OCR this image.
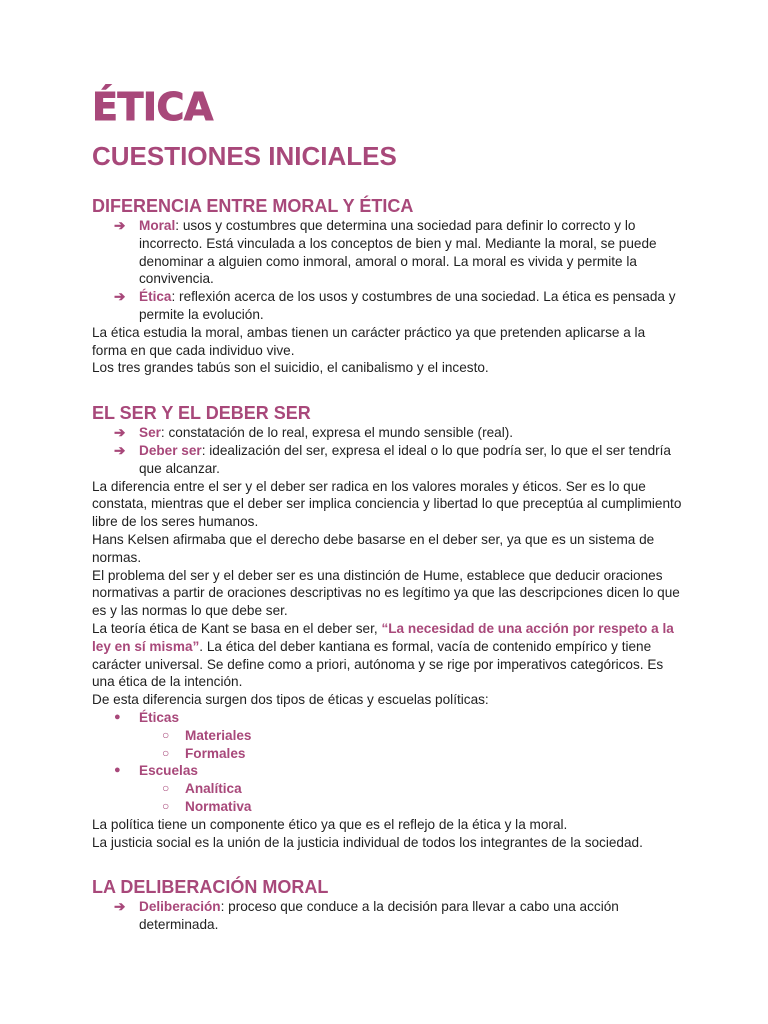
ÉTICA
CUESTIONES INICIALES
DIFERENCIA ENTRE MORAL Y ÉTICA
➔ Moral: usos y costumbres que determina una sociedad para definir lo correcto y lo incorrecto. Está vinculada a los conceptos de bien y mal. Mediante la moral, se puede denominar a alguien como inmoral, amoral o moral. La moral es vivida y permite la convivencia.
➔ Ética: reflexión acerca de los usos y costumbres de una sociedad. La ética es pensada y permite la evolución.

La ética estudia la moral, ambas tienen un carácter práctico ya que pretenden aplicarse a la forma en que cada individuo vive.

Los tres grandes tabús son el suicidio, el canibalismo y el incesto.

EL SER Y EL DEBER SER
➔ Ser: constatación de lo real, expresa el mundo sensible (real).
➔ Deber ser: idealización del ser, expresa el ideal o lo que podría ser, lo que el ser tendría que alcanzar.

La diferencia entre el ser y el deber ser radica en los valores morales y éticos. Ser es lo que constata, mientras que el deber ser implica conciencia y libertad lo que preceptúa al cumplimiento libre de los seres humanos.

Hans Kelsen afirmaba que el derecho debe basarse en el deber ser, ya que es un sistema de normas.

El problema del ser y el deber ser es una distinción de Hume, establece que deducir oraciones normativas a partir de oraciones descriptivas no es legítimo ya que las descripciones dicen lo que es y las normas lo que debe ser.

La teoría ética de Kant se basa en el deber ser, “La necesidad de una acción por respeto a la ley en sí misma”. La ética del deber kantiana es formal, vacía de contenido empírico y tiene carácter universal. Se define como a priori, autónoma y se rige por imperativos categóricos. Es una ética de la intención.

De esta diferencia surgen dos tipos de éticas y escuelas políticas:

● Éticas
○ Materiales
○ Formales
● Escuelas
○ Analítica
○ Normativa

La política tiene un componente ético ya que es el reflejo de la ética y la moral.

La justicia social es la unión de la justicia individual de todos los integrantes de la sociedad.

LA DELIBERACIÓN MORAL
➔ Deliberación: proceso que conduce a la decisión para llevar a cabo una acción determinada.
